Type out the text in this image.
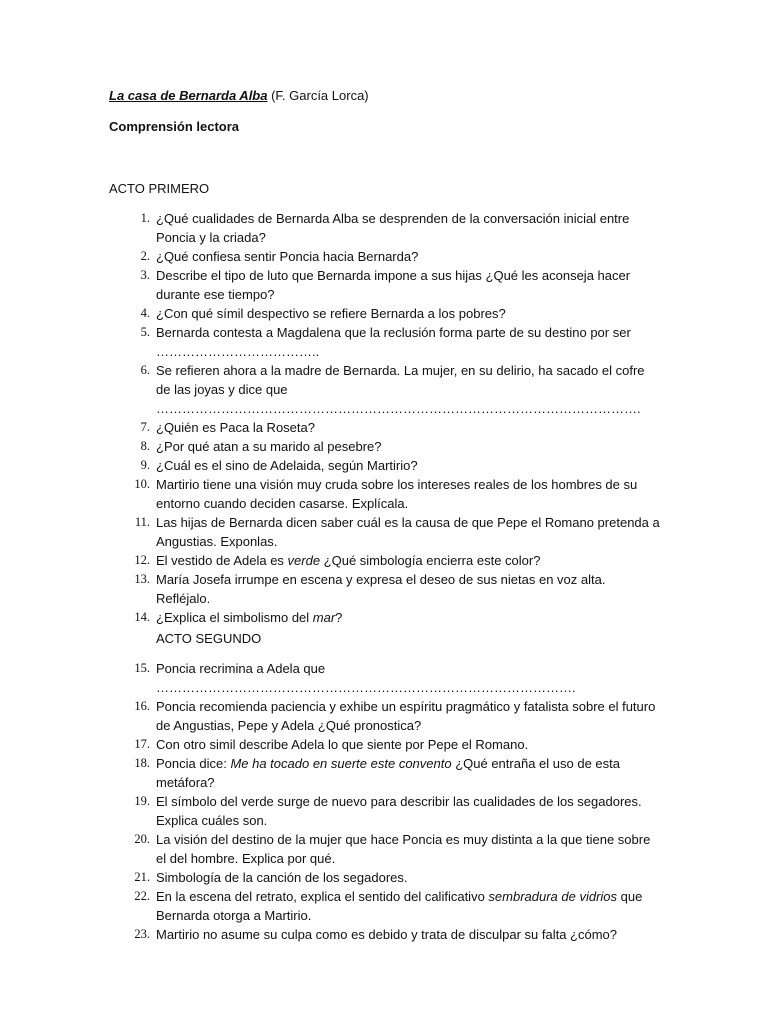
La casa de Bernarda Alba (F. García Lorca)
Comprensión lectora
ACTO PRIMERO
1. ¿Qué cualidades de Bernarda Alba se desprenden de la conversación inicial entre Poncia y la criada?
2. ¿Qué confiesa sentir Poncia hacia Bernarda?
3. Describe el tipo de luto que Bernarda impone a sus hijas ¿Qué les aconseja hacer durante ese tiempo?
4. ¿Con qué símil despectivo se refiere Bernarda a los pobres?
5. Bernarda contesta a Magdalena que la reclusión forma parte de su destino por ser ………………………………..
6. Se refieren ahora a la madre de Bernarda. La mujer, en su delirio, ha sacado el cofre de las joyas y dice que ………………………………………………………………………………………………….
7. ¿Quién es Paca la Roseta?
8. ¿Por qué atan a su marido al pesebre?
9. ¿Cuál es el sino de Adelaida, según Martirio?
10. Martirio tiene una visión muy cruda sobre los intereses reales de los hombres de su entorno cuando deciden casarse. Explícala.
11. Las hijas de Bernarda dicen saber cuál es la causa de que Pepe el Romano pretenda a Angustias. Exponlas.
12. El vestido de Adela es verde ¿Qué simbología encierra este color?
13. María Josefa irrumpe en escena y expresa el deseo de sus nietas en voz alta. Refléjalo.
14. ¿Explica el simbolismo del mar?
ACTO SEGUNDO
15. Poncia recrimina a Adela que …………………………………………………………………………………….
16. Poncia recomienda paciencia y exhibe un espíritu pragmático y fatalista sobre el futuro de Angustias, Pepe y Adela ¿Qué pronostica?
17. Con otro simil describe Adela lo que siente por Pepe el Romano.
18. Poncia dice: Me ha tocado en suerte este convento ¿Qué entraña el uso de esta metáfora?
19. El símbolo del verde surge de nuevo para describir las cualidades de los segadores. Explica cuáles son.
20. La visión del destino de la mujer que hace Poncia es muy distinta a la que tiene sobre el del hombre. Explica por qué.
21. Simbología de la canción de los segadores.
22. En la escena del retrato, explica el sentido del calificativo sembradura de vidrios que Bernarda otorga a Martirio.
23. Martirio no asume su culpa como es debido y trata de disculpar su falta ¿cómo?
